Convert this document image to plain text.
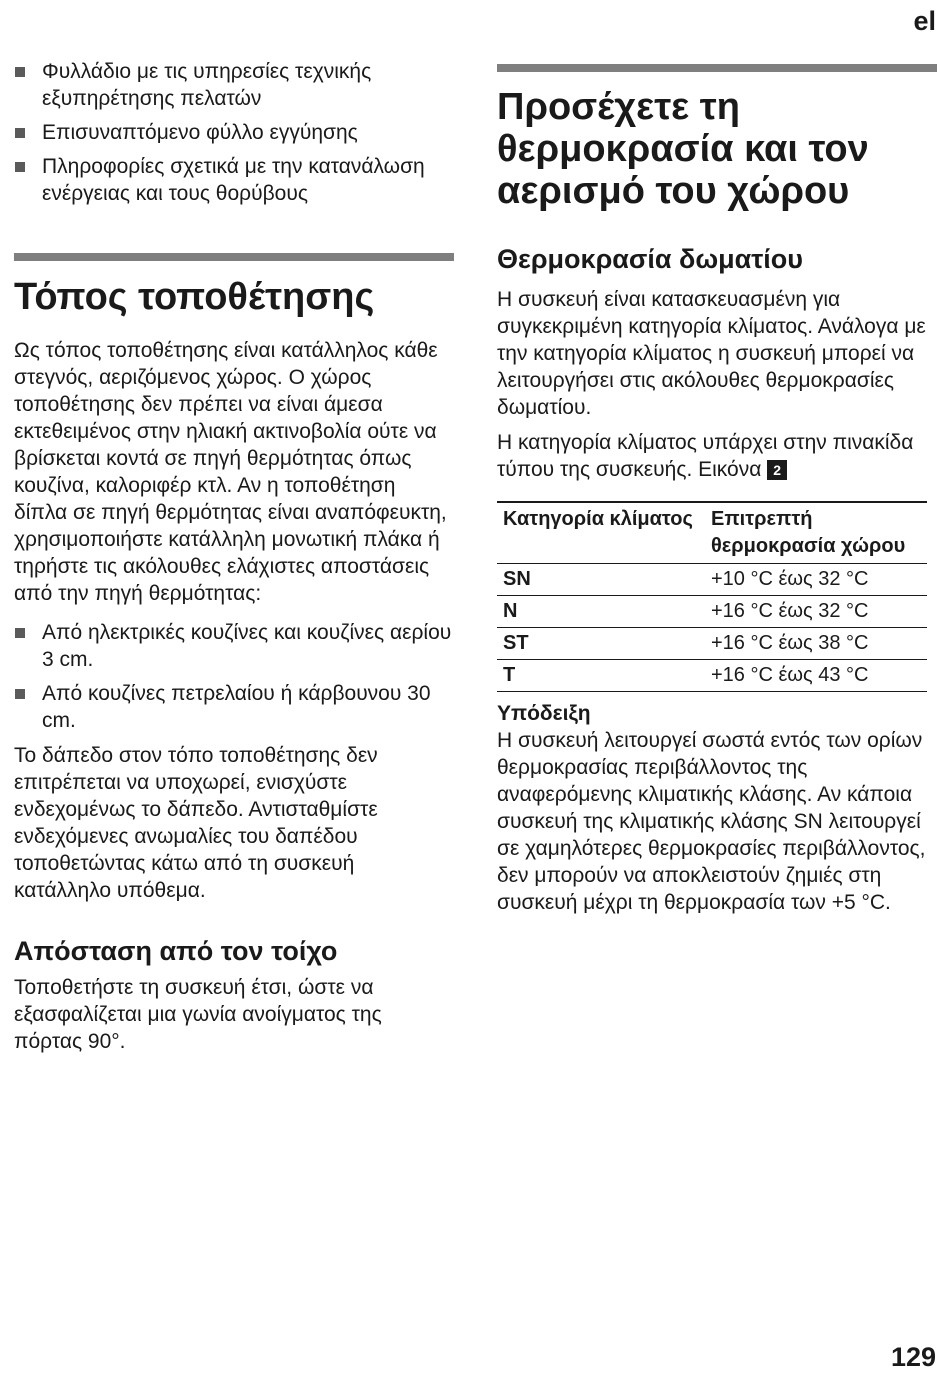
el
Φυλλάδιο με τις υπηρεσίες τεχνικής εξυπηρέτησης πελατών
Επισυναπτόμενο φύλλο εγγύησης
Πληροφορίες σχετικά με την κατανάλωση ενέργειας και τους θορύβους
Τόπος τοποθέτησης

Ως τόπος τοποθέτησης είναι κατάλληλος κάθε στεγνός, αεριζόμενος χώρος. Ο χώρος τοποθέτησης δεν πρέπει να είναι άμεσα εκτεθειμένος στην ηλιακή ακτινοβολία ούτε να βρίσκεται κοντά σε πηγή θερμότητας όπως κουζίνα, καλοριφέρ κτλ. Αν η τοποθέτηση δίπλα σε πηγή θερμότητας είναι αναπόφευκτη, χρησιμοποιήστε κατάλληλη μονωτική πλάκα ή τηρήστε τις ακόλουθες ελάχιστες αποστάσεις από την πηγή θερμότητας:

Από ηλεκτρικές κουζίνες και κουζίνες αερίου 3 cm.
Από κουζίνες πετρελαίου ή κάρβουνου 30 cm.

Το δάπεδο στον τόπο τοποθέτησης δεν επιτρέπεται να υποχωρεί, ενισχύστε ενδεχομένως το δάπεδο. Αντισταθμίστε ενδεχόμενες ανωμαλίες του δαπέδου τοποθετώντας κάτω από τη συσκευή κατάλληλο υπόθεμα.

Απόσταση από τον τοίχο

Τοποθετήστε τη συσκευή έτσι, ώστε να εξασφαλίζεται μια γωνία ανοίγματος της πόρτας 90°.

Προσέχετε τη θερμοκρασία και τον αερισμό του χώρου
Θερμοκρασία δωματίου

Η συσκευή είναι κατασκευασμένη για συγκεκριμένη κατηγορία κλίματος. Ανάλογα με την κατηγορία κλίματος η συσκευή μπορεί να λειτουργήσει στις ακόλουθες θερμοκρασίες δωματίου.

Η κατηγορία κλίματος υπάρχει στην πινακίδα τύπου της συσκευής. Εικόνα 2

Κατηγορία κλίματος	Επιτρεπτή θερμοκρασία χώρου
SN	+10 °C έως 32 °C
N	+16 °C έως 32 °C
ST	+16 °C έως 38 °C
T	+16 °C έως 43 °C
Υπόδειξη

Η συσκευή λειτουργεί σωστά εντός των ορίων θερμοκρασίας περιβάλλοντος της αναφερόμενης κλιματικής κλάσης. Αν κάποια συσκευή της κλιματικής κλάσης SN λειτουργεί σε χαμηλότερες θερμοκρασίες περιβάλλοντος, δεν μπορούν να αποκλειστούν ζημιές στη συσκευή μέχρι τη θερμοκρασία των +5 °C.

129
